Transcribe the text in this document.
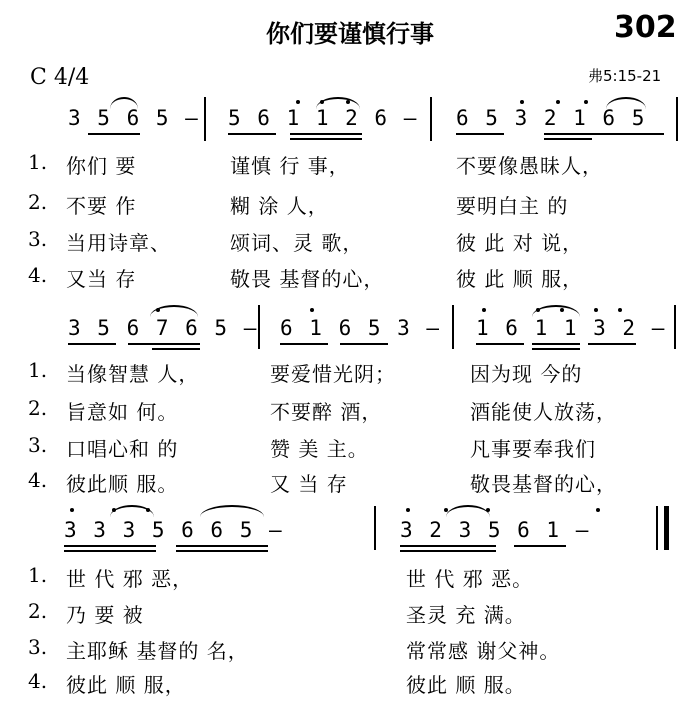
你们要谨慎行事	302
C 4/4	弗5:15-21
3 5 6 5 — 5 6 1 1 2 6 — 6 5 3 2 1 6 5
1. 你们 要	谨慎 行 事，	不要像愚昧人，
2. 不要 作	糊 涂 人，	要明白主 的
3. 当用诗章、	颂词、灵 歌，	彼 此 对 说，
4. 又当 存	敬畏 基督的心，	彼 此 顺 服，
3 5 6 7 6 5 — 6 1 6 5 3 — 1 6 1 1 3 2 —
1. 当像智慧 人，	要爱惜光阴；	因为现 今的
2. 旨意如 何。	不要醉 酒，	酒能使人放荡，
3. 口唱心和 的	赞 美 主。	凡事要奉我们
4. 彼此顺 服。	又 当 存	敬畏基督的心，
3 3 3 5 6 6 5 —	3 2 3 5 6 1 —
1. 世 代 邪 恶，	世 代 邪 恶。
2. 乃 要 被	圣灵 充 满。
3. 主耶稣 基督的 名，	常常感 谢父神。
4. 彼此 顺 服，	彼此 顺 服。
